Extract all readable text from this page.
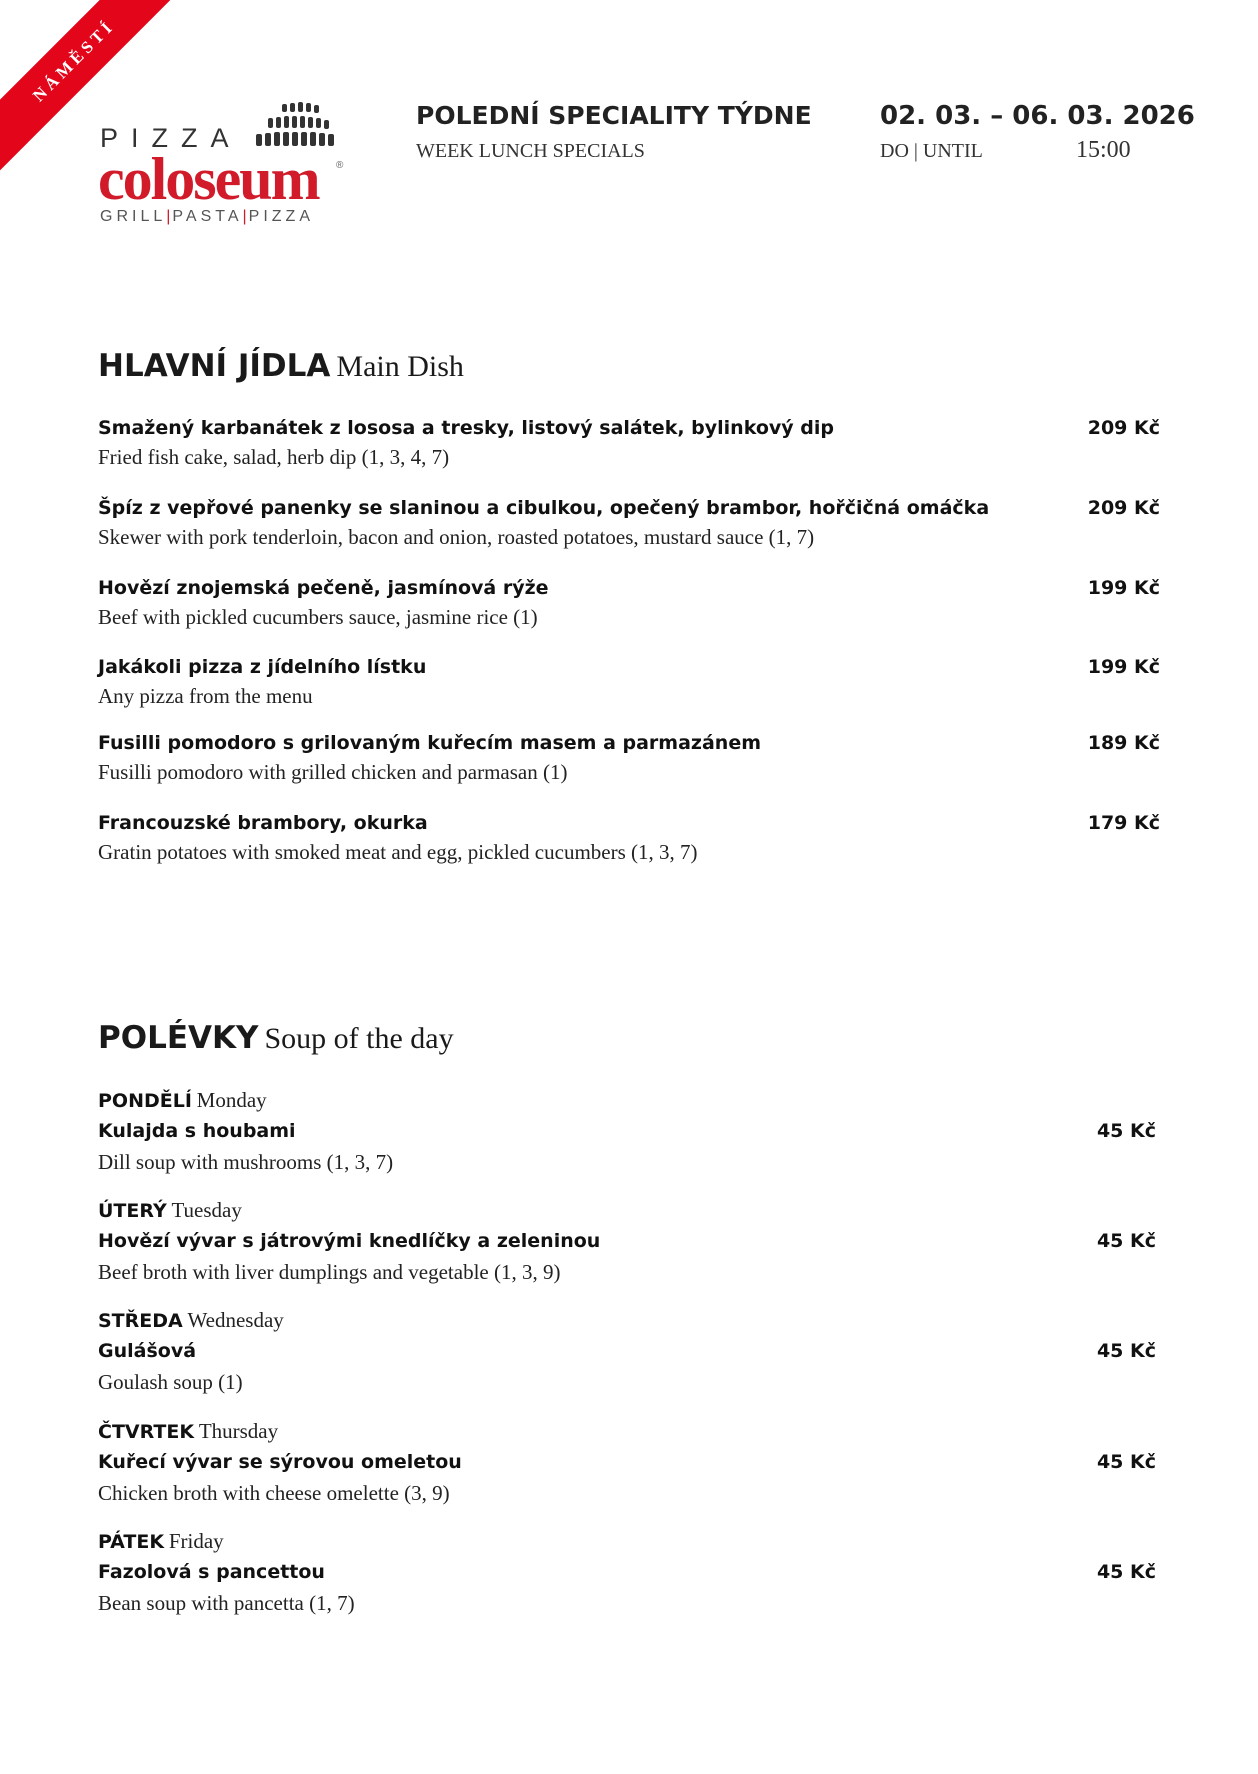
NÁMĚSTÍ
PIZZA
coloseum ®
GRILL|PASTA|PIZZA
POLEDNÍ SPECIALITY TÝDNE
WEEK LUNCH SPECIALS
02. 03. – 06. 03. 2026
DO | UNTIL	15:00
HLAVNÍ JÍDLA Main Dish
Smažený karbanátek z lososa a tresky, listový salátek, bylinkový dip
Fried fish cake, salad, herb dip (1, 3, 4, 7)
209 Kč
Špíz z vepřové panenky se slaninou a cibulkou, opečený brambor, hořčičná omáčka
Skewer with pork tenderloin, bacon and onion, roasted potatoes, mustard sauce (1, 7)
209 Kč
Hovězí znojemská pečeně, jasmínová rýže
Beef with pickled cucumbers sauce, jasmine rice (1)
199 Kč
Jakákoli pizza z jídelního lístku
Any pizza from the menu
199 Kč
Fusilli pomodoro s grilovaným kuřecím masem a parmazánem
Fusilli pomodoro with grilled chicken and parmasan (1)
189 Kč
Francouzské brambory, okurka
Gratin potatoes with smoked meat and egg, pickled cucumbers (1, 3, 7)
179 Kč
POLÉVKY Soup of the day
PONDĚLÍ Monday
Kulajda s houbami
Dill soup with mushrooms (1, 3, 7)
45 Kč
ÚTERÝ Tuesday
Hovězí vývar s játrovými knedlíčky a zeleninou
Beef broth with liver dumplings and vegetable (1, 3, 9)
45 Kč
STŘEDA Wednesday
Gulášová
Goulash soup (1)
45 Kč
ČTVRTEK Thursday
Kuřecí vývar se sýrovou omeletou
Chicken broth with cheese omelette (3, 9)
45 Kč
PÁTEK Friday
Fazolová s pancettou
Bean soup with pancetta (1, 7)
45 Kč
